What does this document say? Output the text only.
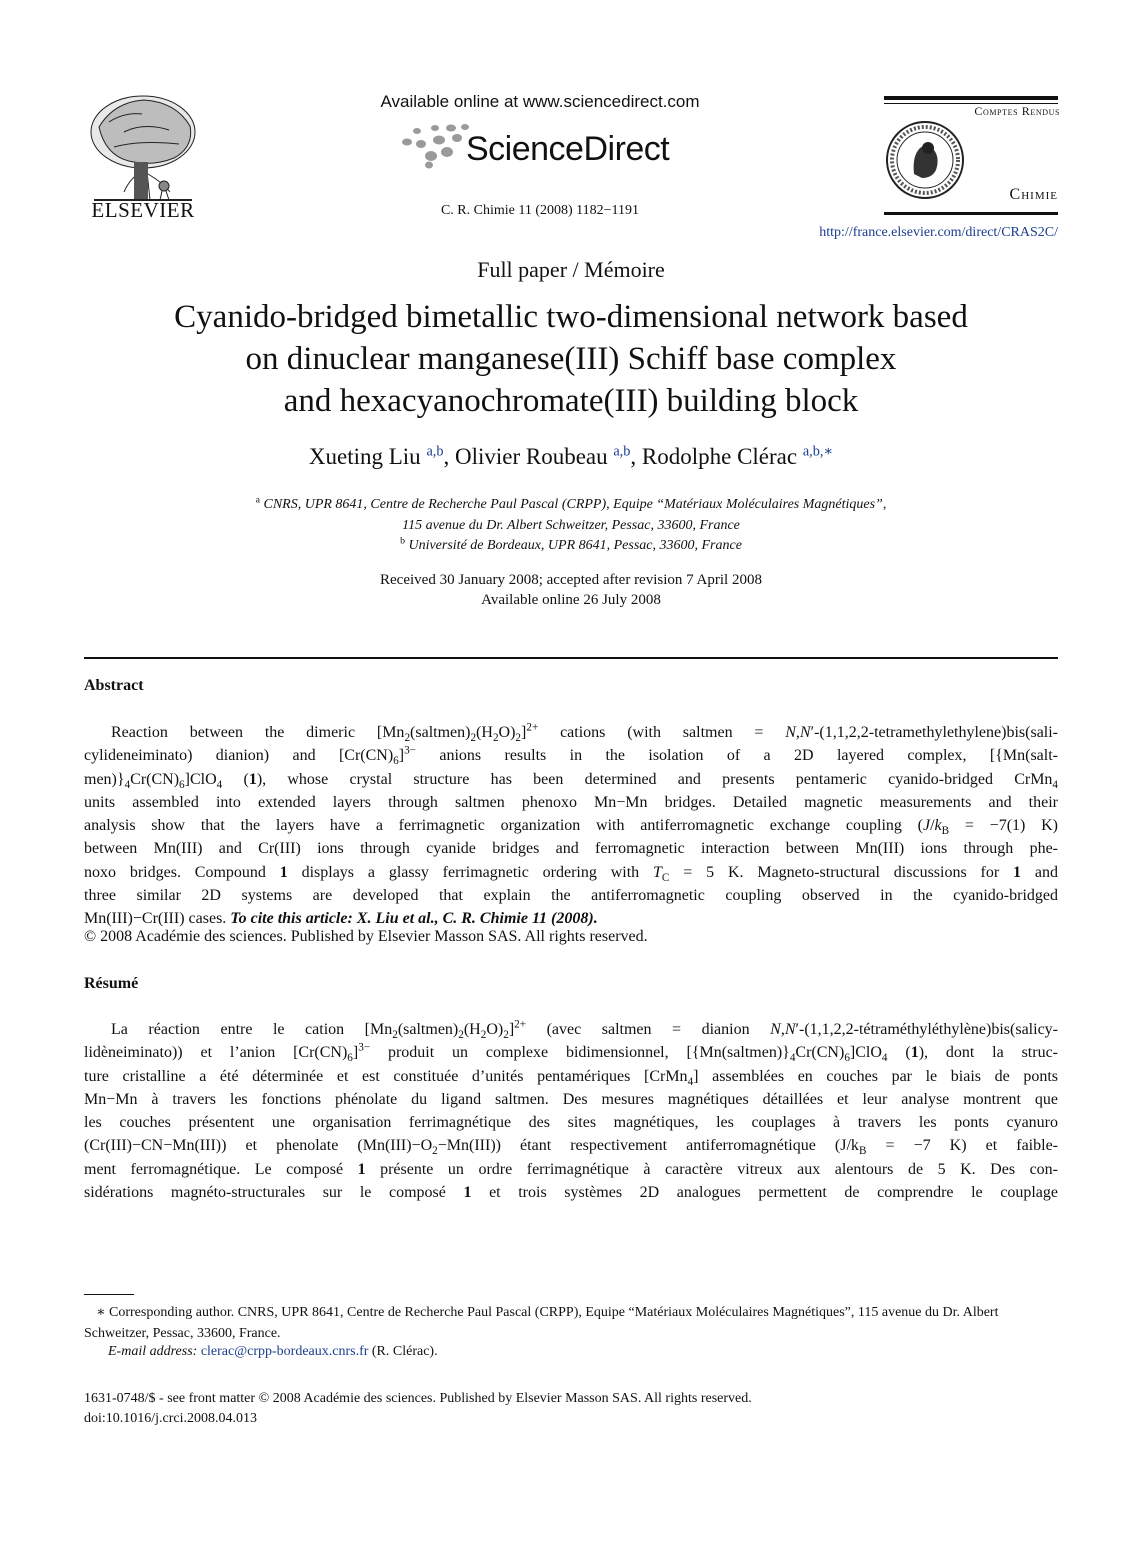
ELSEVIER
Available online at www.sciencedirect.com
ScienceDirect
C. R. Chimie 11 (2008) 1182−1191
Comptes Rendus
Chimie
http://france.elsevier.com/direct/CRAS2C/
Full paper / Mémoire
Cyanido-bridged bimetallic two-dimensional network based
on dinuclear manganese(III) Schiff base complex
and hexacyanochromate(III) building block
Xueting Liu $^{a,b}$, Olivier Roubeau $^{a,b}$, Rodolphe Clérac $^{a,b,∗}$
$^a$ CNRS, UPR 8641, Centre de Recherche Paul Pascal (CRPP), Equipe “Matériaux Moléculaires Magnétiques”,
115 avenue du Dr. Albert Schweitzer, Pessac, 33600, France
$^b$ Université de Bordeaux, UPR 8641, Pessac, 33600, France
Received 30 January 2008; accepted after revision 7 April 2008
Available online 26 July 2008
Abstract
Reaction between the dimeric $[Mn_2(saltmen)_2(H_2O)_2]^{2+}$ cations (with saltmen = N,N′-(1,1,2,2-tetramethylethylene)bis(sali-
cylideneiminato) dianion) and $[Cr(CN)_6]^{3-}$ anions results in the isolation of a 2D layered complex, [{Mn(salt-
$men)\}_4Cr(CN)_6]ClO_4$ (1), whose crystal structure has been determined and presents pentameric cyanido-bridged CrMn$_4$
units assembled into extended layers through saltmen phenoxo Mn−Mn bridges. Detailed magnetic measurements and their
analysis show that the layers have a ferrimagnetic organization with antiferromagnetic exchange coupling ($J/k_B = -7(1)$ K)
between Mn(III) and Cr(III) ions through cyanide bridges and ferromagnetic interaction between Mn(III) ions through phe-
noxo bridges. Compound 1 displays a glassy ferrimagnetic ordering with $T_C = 5$ K. Magneto-structural discussions for 1 and
three similar 2D systems are developed that explain the antiferromagnetic coupling observed in the cyanido-bridged
Mn(III)−Cr(III) cases. To cite this article: X. Liu et al., C. R. Chimie 11 (2008).
© 2008 Académie des sciences. Published by Elsevier Masson SAS. All rights reserved.
Résumé
La réaction entre le cation $[Mn_2(saltmen)_2(H_2O)_2]^{2+}$ (avec saltmen = dianion N,N′-(1,1,2,2-tétraméthyléthylène)bis(salicy-
lidèneiminato)) et l’anion $[Cr(CN)_6]^{3-}$ produit un complexe bidimensionnel, $[\{Mn(saltmen)\}_4Cr(CN)_6]ClO_4$ (1), dont la struc-
ture cristalline a été déterminée et est constituée d’unités pentamériques [CrMn$_4$] assemblées en couches par le biais de ponts
Mn−Mn à travers les fonctions phénolate du ligand saltmen. Des mesures magnétiques détaillées et leur analyse montrent que
les couches présentent une organisation ferrimagnétique des sites magnétiques, les couplages à travers les ponts cyanuro
(Cr(III)−CN−Mn(III)) et phenolate $(Mn(III)-O_2-Mn(III))$ étant respectivement antiferromagnétique ($J/k_B = -7$ K) et faible-
ment ferromagnétique. Le composé 1 présente un ordre ferrimagnétique à caractère vitreux aux alentours de 5 K. Des con-
sidérations magnéto-structurales sur le composé 1 et trois systèmes 2D analogues permettent de comprendre le couplage
∗ Corresponding author. CNRS, UPR 8641, Centre de Recherche Paul Pascal (CRPP), Equipe “Matériaux Moléculaires Magnétiques”, 115 avenue du Dr. Albert Schweitzer, Pessac, 33600, France.
E-mail address: clerac@crpp-bordeaux.cnrs.fr (R. Clérac).
1631-0748/$ - see front matter © 2008 Académie des sciences. Published by Elsevier Masson SAS. All rights reserved.
doi:10.1016/j.crci.2008.04.013
